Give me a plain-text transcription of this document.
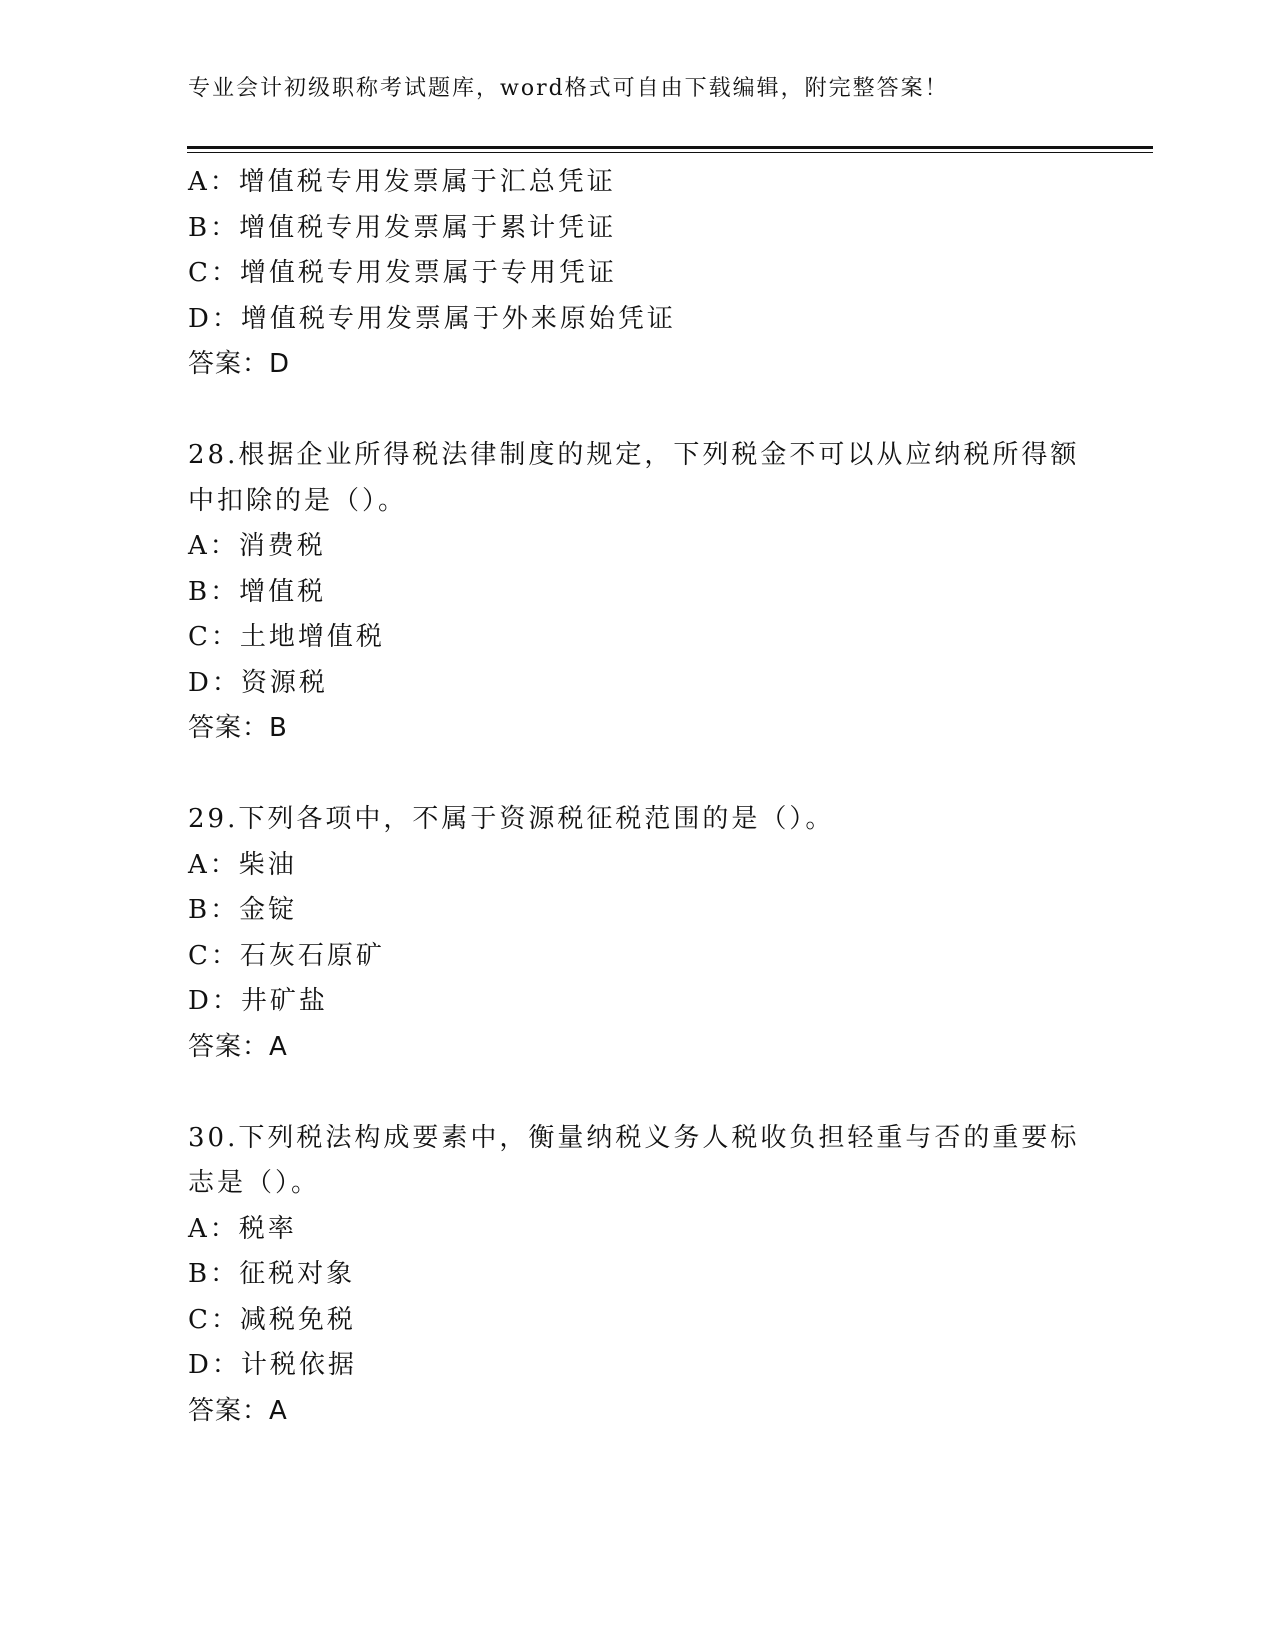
专业会计初级职称考试题库，word格式可自由下载编辑，附完整答案！
A：增值税专用发票属于汇总凭证
B：增值税专用发票属于累计凭证
C：增值税专用发票属于专用凭证
D：增值税专用发票属于外来原始凭证
答案：D
28.根据企业所得税法律制度的规定，下列税金不可以从应纳税所得额
中扣除的是（）。
A：消费税
B：增值税
C：土地增值税
D：资源税
答案：B
29.下列各项中，不属于资源税征税范围的是（）。
A：柴油
B：金锭
C：石灰石原矿
D：井矿盐
答案：A
30.下列税法构成要素中，衡量纳税义务人税收负担轻重与否的重要标
志是（）。
A：税率
B：征税对象
C：减税免税
D：计税依据
答案：A
